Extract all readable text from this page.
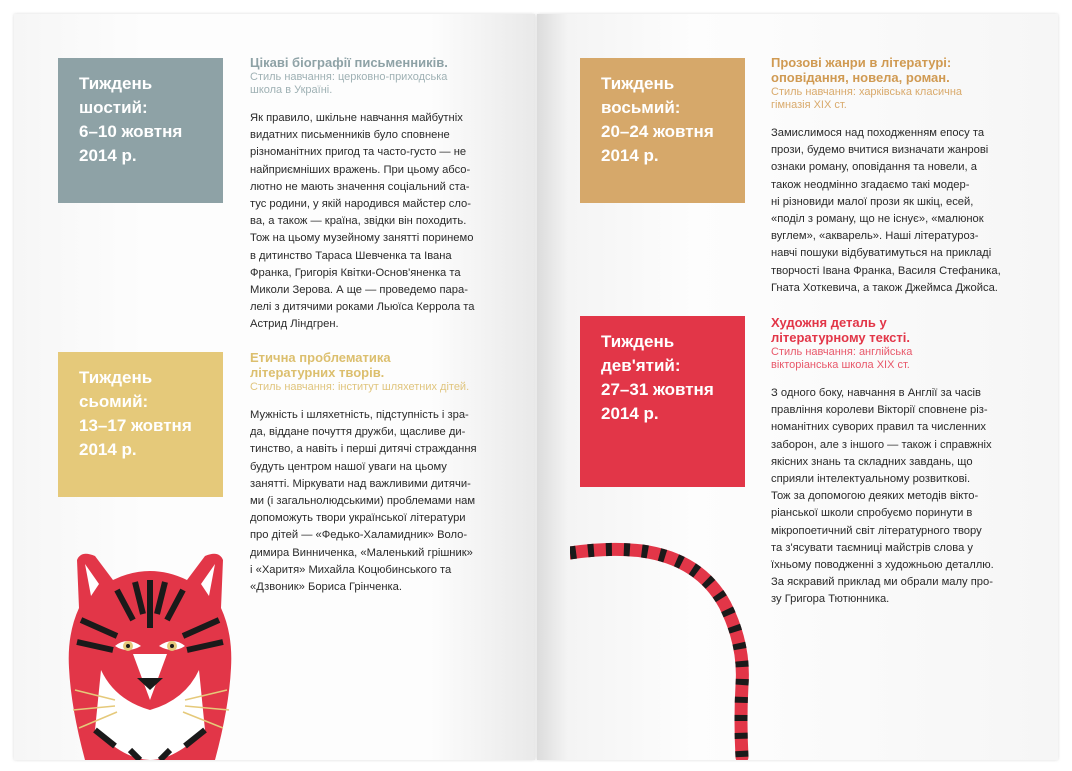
Тиждень
шостий:
6–10 жовтня
2014 р.
Цікаві біографії письменників.
Стиль навчання: церковно-приходська
школа в Україні.
Як правило, шкільне навчання майбутніх
видатних письменників було сповнене
різноманітних пригод та часто-густо — не
найприємніших вражень. При цьому абсо-
лютно не мають значення соціальний ста-
тус родини, у якій народився майстер сло-
ва, а також — країна, звідки він походить.
Тож на цьому музейному занятті поринемо
в дитинство Тараса Шевченка та Івана
Франка, Григорія Квітки-Основ'яненка та
Миколи Зерова. А ще — проведемо пара-
лелі з дитячими роками Льюїса Керрола та
Астрид Ліндгрен.
Тиждень
сьомий:
13–17 жовтня
2014 р.
Етична проблематика
літературних творів.
Стиль навчання: інститут шляхетних дітей.
Мужність і шляхетність, підступність і зра-
да, віддане почуття дружби, щасливе ди-
тинство, а навіть і перші дитячі страждання
будуть центром нашої уваги на цьому
занятті. Міркувати над важливими дитячи-
ми (і загальнолюдськими) проблемами нам
допоможуть твори української літератури
про дітей — «Федько-Халамидник» Воло-
димира Винниченка, «Маленький грішник»
і «Харитя» Михайла Коцюбинського та
«Дзвоник» Бориса Грінченка.
Тиждень
восьмий:
20–24 жовтня
2014 р.
Прозові жанри в літературі:
оповідання, новела, роман.
Стиль навчання: харківська класична
гімназія XIX ст.
Замислимося над походженням епосу та
прози, будемо вчитися визначати жанрові
ознаки роману, оповідання та новели, а
також неодмінно згадаємо такі модер-
ні різновиди малої прози як шкіц, есей,
«поділ з роману, що не існує», «малюнок
вуглем», «акварель». Наші літературоз-
навчі пошуки відбуватимуться на прикладі
творчості Івана Франка, Василя Стефаника,
Гната Хоткевича, а також Джеймса Джойса.
Тиждень
дев'ятий:
27–31 жовтня
2014 р.
Художня деталь у
літературному тексті.
Стиль навчання: англійська
вікторіанська школа XIX ст.
З одного боку, навчання в Англії за часів
правління королеви Вікторії сповнене різ-
номанітних суворих правил та численних
заборон, але з іншого — також і справжніх
якісних знань та складних завдань, що
сприяли інтелектуальному розвиткові.
Тож за допомогою деяких методів вікто-
ріанської школи спробуємо поринути в
мікропоетичний світ літературного твору
та з'ясувати таємниці майстрів слова у
їхньому поводженні з художньою деталлю.
За яскравий приклад ми обрали малу про-
зу Григора Тютюнника.
